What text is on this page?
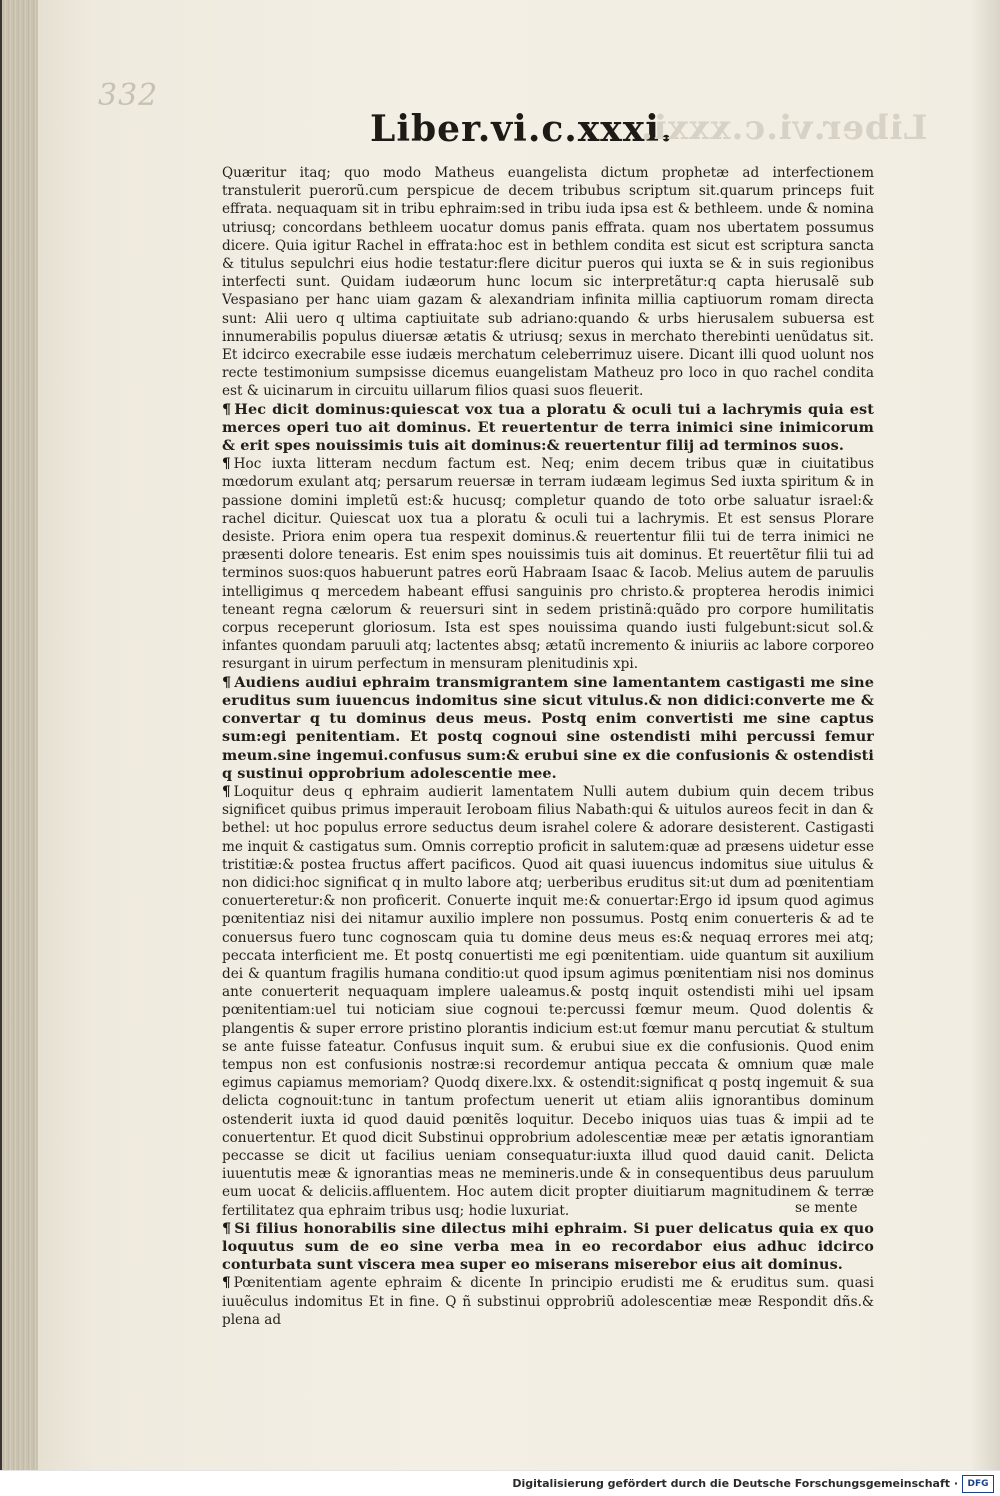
332
Liber.vi.c.xxxi.
Liber.vi.c.xxxi.

Quæritur itaq; quo modo Matheus euangelista dictum prophetæ ad interfectionem transtulerit puerorũ.cum perspicue de decem tribubus scriptum sit.quarum princeps fuit effrata. nequaquam sit in tribu ephraim:sed in tribu iuda ipsa est & bethleem. unde & nomina utriusq; concordans bethleem uocatur domus panis effrata. quam nos ubertatem possumus dicere. Quia igitur Rachel in effrata:hoc est in bethlem condita est sicut est scriptura sancta & titulus sepulchri eius hodie testatur:flere dicitur pueros qui iuxta se & in suis regionibus interfecti sunt. Quidam iudæorum hunc locum sic interpretãtur:q capta hierusalẽ sub Vespasiano per hanc uiam gazam & alexandriam infinita millia captiuorum romam directa sunt: Alii uero q ultima captiuitate sub adriano:quando & urbs hierusalem subuersa est innumerabilis populus diuersæ ætatis & utriusq; sexus in merchato therebinti uenũdatus sit. Et idcirco execrabile esse iudæis merchatum celeberrimuz uisere. Dicant illi quod uolunt nos recte testimonium sumpsisse dicemus euangelistam Matheuz pro loco in quo rachel condita est & uicinarum in circuitu uillarum filios quasi suos fleuerit.

¶ Hec dicit dominus:quiescat vox tua a ploratu & oculi tui a lachrymis quia est merces operi tuo ait dominus. Et reuertentur de terra inimici sine inimicorum & erit spes nouissimis tuis ait dominus:& reuertentur filij ad terminos suos.

¶ Hoc iuxta litteram necdum factum est. Neq; enim decem tribus quæ in ciuitatibus mœdorum exulant atq; persarum reuersæ in terram iudæam legimus Sed iuxta spiritum & in passione domini impletũ est:& hucusq; completur quando de toto orbe saluatur israel:& rachel dicitur. Quiescat uox tua a ploratu & oculi tui a lachrymis. Et est sensus Plorare desiste. Priora enim opera tua respexit dominus.& reuertentur filii tui de terra inimici ne præsenti dolore tenearis. Est enim spes nouissimis tuis ait dominus. Et reuertẽtur filii tui ad terminos suos:quos habuerunt patres eorũ Habraam Isaac & Iacob. Melius autem de paruulis intelligimus q mercedem habeant effusi sanguinis pro christo.& propterea herodis inimici teneant regna cælorum & reuersuri sint in sedem pristinã:quãdo pro corpore humilitatis corpus receperunt gloriosum. Ista est spes nouissima quando iusti fulgebunt:sicut sol.& infantes quondam paruuli atq; lactentes absq; ætatũ incremento & iniuriis ac labore corporeo resurgant in uirum perfectum in mensuram plenitudinis xpi.

¶ Audiens audiui ephraim transmigrantem sine lamentantem castigasti me sine eruditus sum iuuencus indomitus sine sicut vitulus.& non didici:converte me & convertar q tu dominus deus meus. Postq enim convertisti me sine captus sum:egi penitentiam. Et postq cognoui sine ostendisti mihi percussi femur meum.sine ingemui.confusus sum:& erubui sine ex die confusionis & ostendisti q sustinui opprobrium adolescentie mee.

¶ Loquitur deus q ephraim audierit lamentatem Nulli autem dubium quin decem tribus significet quibus primus imperauit Ieroboam filius Nabath:qui & uitulos aureos fecit in dan & bethel: ut hoc populus errore seductus deum israhel colere & adorare desisterent. Castigasti me inquit & castigatus sum. Omnis correptio proficit in salutem:quæ ad præsens uidetur esse tristitiæ:& postea fructus affert pacificos. Quod ait quasi iuuencus indomitus siue uitulus & non didici:hoc significat q in multo labore atq; uerberibus eruditus sit:ut dum ad pœnitentiam conuerteretur:& non proficerit. Conuerte inquit me:& conuertar:Ergo id ipsum quod agimus pœnitentiaz nisi dei nitamur auxilio implere non possumus. Postq enim conuerteris & ad te conuersus fuero tunc cognoscam quia tu domine deus meus es:& nequaq errores mei atq; peccata interficient me. Et postq conuertisti me egi pœnitentiam. uide quantum sit auxilium dei & quantum fragilis humana conditio:ut quod ipsum agimus pœnitentiam nisi nos dominus ante conuerterit nequaquam implere ualeamus.& postq inquit ostendisti mihi uel ipsam pœnitentiam:uel tui noticiam siue cognoui te:percussi fœmur meum. Quod dolentis & plangentis & super errore pristino plorantis indicium est:ut fœmur manu percutiat & stultum se ante fuisse fateatur. Confusus inquit sum. & erubui siue ex die confusionis. Quod enim tempus non est confusionis nostræ:si recordemur antiqua peccata & omnium quæ male egimus capiamus memoriam? Quodq dixere.lxx. & ostendit:significat q postq ingemuit & sua delicta cognouit:tunc in tantum profectum uenerit ut etiam aliis ignorantibus dominum ostenderit iuxta id quod dauid pœnitẽs loquitur. Decebo iniquos uias tuas & impii ad te conuertentur. Et quod dicit Substinui opprobrium adolescentiæ meæ per ætatis ignorantiam peccasse se dicit ut facilius ueniam consequatur:iuxta illud quod dauid canit. Delicta iuuentutis meæ & ignorantias meas ne memineris.unde & in consequentibus deus paruulum eum uocat & deliciis.affluentem. Hoc autem dicit propter diuitiarum magnitudinem & terræ fertilitatez qua ephraim tribus usq; hodie luxuriat.

¶ Si filius honorabilis sine dilectus mihi ephraim. Si puer delicatus quia ex quo loquutus sum de eo sine verba mea in eo recordabor eius adhuc idcirco conturbata sunt viscera mea super eo miserans miserebor eius ait dominus.

¶ Pœnitentiam agente ephraim & dicente In principio erudisti me & eruditus sum. quasi iuuẽculus indomitus Et in fine. Q ñ substinui opprobriũ adolescentiæ meæ Respondit dñs.& plena ad

se mente
Digitalisierung gefördert durch die Deutsche Forschungsgemeinschaft ·	DFG
